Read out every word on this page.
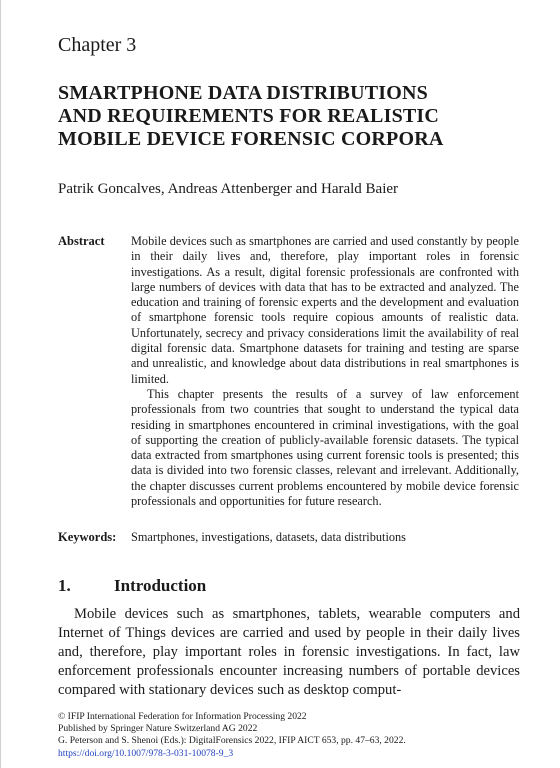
Chapter 3
SMARTPHONE DATA DISTRIBUTIONS
AND REQUIREMENTS FOR REALISTIC
MOBILE DEVICE FORENSIC CORPORA
Patrik Goncalves, Andreas Attenberger and Harald Baier
Abstract Mobile devices such as smartphones are carried and used constantly by people in their daily lives and, therefore, play important roles in forensic investigations. As a result, digital forensic professionals are confronted with large numbers of devices with data that has to be extracted and analyzed. The education and training of forensic experts and the development and evaluation of smartphone forensic tools require copious amounts of realistic data. Unfortunately, secrecy and privacy considerations limit the availability of real digital forensic data. Smartphone datasets for training and testing are sparse and unrealistic, and knowledge about data distributions in real smartphones is limited.

This chapter presents the results of a survey of law enforcement professionals from two countries that sought to understand the typical data residing in smartphones encountered in criminal investigations, with the goal of supporting the creation of publicly-available forensic datasets. The typical data extracted from smartphones using current forensic tools is presented; this data is divided into two forensic classes, relevant and irrelevant. Additionally, the chapter discusses current problems encountered by mobile device forensic professionals and opportunities for future research.

Keywords: Smartphones, investigations, datasets, data distributions
1.	Introduction

Mobile devices such as smartphones, tablets, wearable computers and Internet of Things devices are carried and used by people in their daily lives and, therefore, play important roles in forensic investigations. In fact, law enforcement professionals encounter increasing numbers of portable devices compared with stationary devices such as desktop comput-

© IFIP International Federation for Information Processing 2022
Published by Springer Nature Switzerland AG 2022
G. Peterson and S. Shenoi (Eds.): DigitalForensics 2022, IFIP AICT 653, pp. 47–63, 2022.
https://doi.org/10.1007/978-3-031-10078-9_3
